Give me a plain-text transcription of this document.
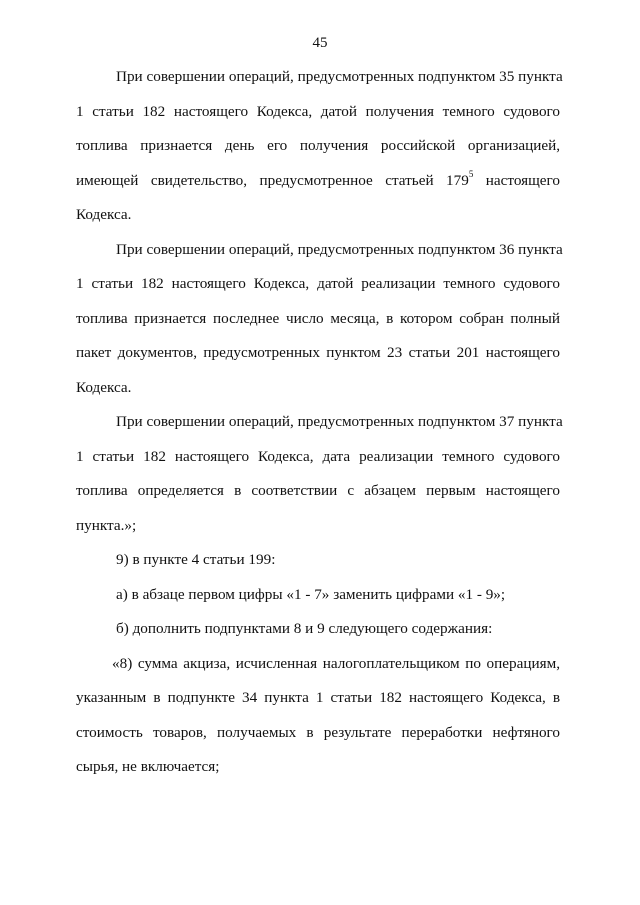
45
При совершении операций, предусмотренных подпунктом 35 пункта
1 статьи 182 настоящего Кодекса, датой получения темного судового
топлива признается день его получения российской организацией,
имеющей свидетельство, предусмотренное статьей $179^5$ настоящего
Кодекса.
При совершении операций, предусмотренных подпунктом 36 пункта
1 статьи 182 настоящего Кодекса, датой реализации темного судового
топлива признается последнее число месяца, в котором собран полный
пакет документов, предусмотренных пунктом 23 статьи 201 настоящего
Кодекса.
При совершении операций, предусмотренных подпунктом 37 пункта
1 статьи 182 настоящего Кодекса, дата реализации темного судового
топлива определяется в соответствии с абзацем первым настоящего
пункта.»;
9) в пункте 4 статьи 199:
а) в абзаце первом цифры «1 - 7» заменить цифрами «1 - 9»;
б) дополнить подпунктами 8 и 9 следующего содержания:
«8) сумма акциза, исчисленная налогоплательщиком по операциям,
указанным в подпункте 34 пункта 1 статьи 182 настоящего Кодекса, в
стоимость товаров, получаемых в результате переработки нефтяного
сырья, не включается;
